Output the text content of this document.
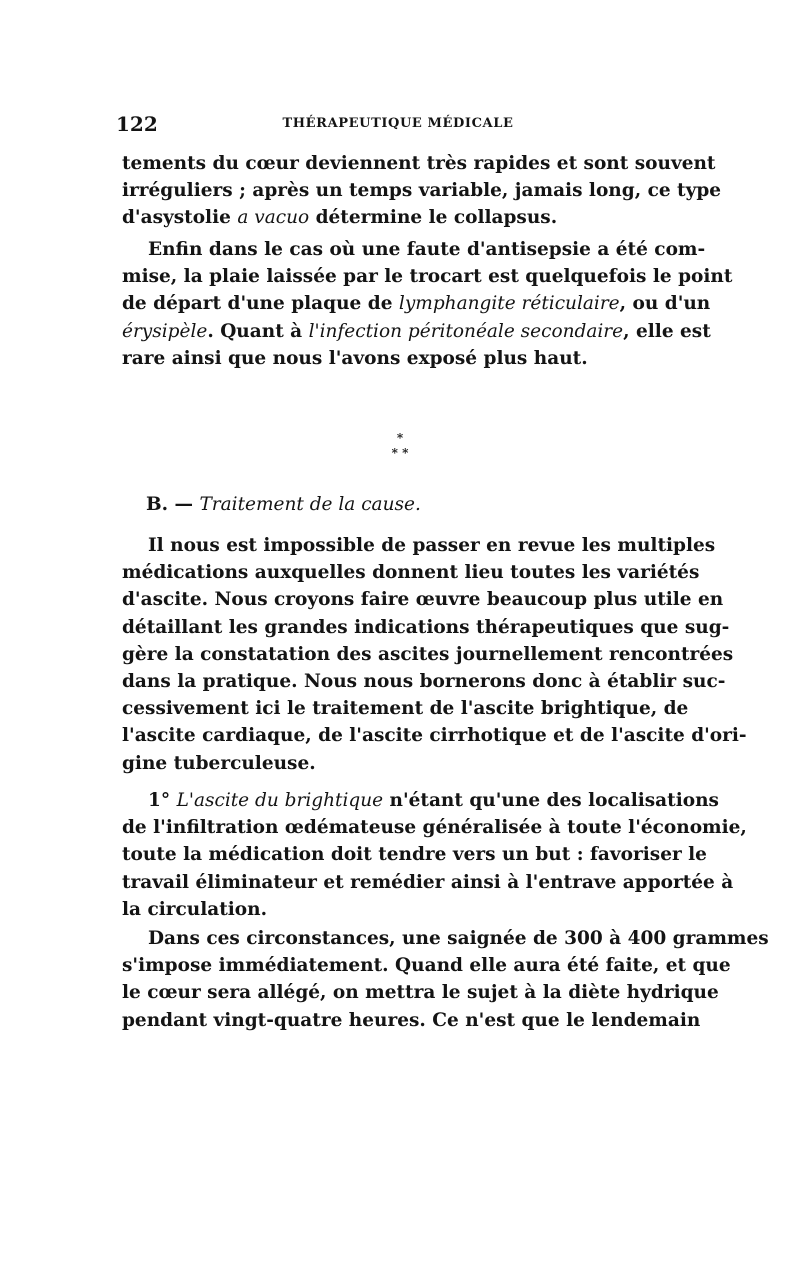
122	THÉRAPEUTIQUE MÉDICALE
tements du cœur deviennent très rapides et sont souvent
irréguliers ; après un temps variable, jamais long, ce type
d'asystolie a vacuo détermine le collapsus.
Enfin dans le cas où une faute d'antisepsie a été com-
mise, la plaie laissée par le trocart est quelquefois le point
de départ d'une plaque de lymphangite réticulaire, ou d'un
érysipèle. Quant à l'infection péritonéale secondaire, elle est
rare ainsi que nous l'avons exposé plus haut.
*
* *
B. — Traitement de la cause.
Il nous est impossible de passer en revue les multiples
médications auxquelles donnent lieu toutes les variétés
d'ascite. Nous croyons faire œuvre beaucoup plus utile en
détaillant les grandes indications thérapeutiques que sug-
gère la constatation des ascites journellement rencontrées
dans la pratique. Nous nous bornerons donc à établir suc-
cessivement ici le traitement de l'ascite brightique, de
l'ascite cardiaque, de l'ascite cirrhotique et de l'ascite d'ori-
gine tuberculeuse.
1° L'ascite du brightique n'étant qu'une des localisations
de l'infiltration œdémateuse généralisée à toute l'économie,
toute la médication doit tendre vers un but : favoriser le
travail éliminateur et remédier ainsi à l'entrave apportée à
la circulation.
Dans ces circonstances, une saignée de 300 à 400 grammes
s'impose immédiatement. Quand elle aura été faite, et que
le cœur sera allégé, on mettra le sujet à la diète hydrique
pendant vingt-quatre heures. Ce n'est que le lendemain
